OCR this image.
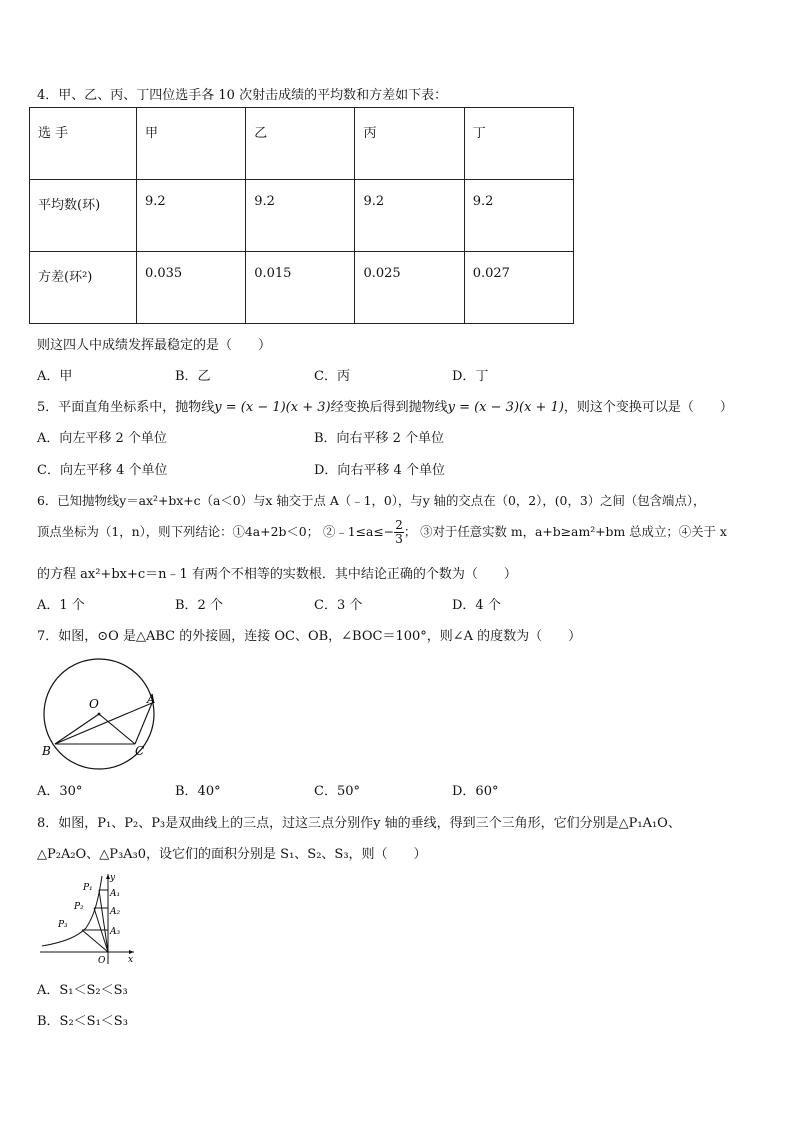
4．甲、乙、丙、丁四位选手各 10 次射击成绩的平均数和方差如下表：
选 手	甲	乙	丙	丁
平均数(环)	9.2	9.2	9.2	9.2
方差(环²)	0.035	0.015	0.025	0.027
则这四人中成绩发挥最稳定的是（　　）
A．甲	B．乙	C．丙	D．丁
5．平面直角坐标系中，抛物线y = (x − 1)(x + 3)经变换后得到抛物线y = (x − 3)(x + 1)，则这个变换可以是（　　）
A．向左平移 2 个单位	B．向右平移 2 个单位
C．向左平移 4 个单位	D．向右平移 4 个单位
6．已知抛物线y＝ax²+bx+c（a＜0）与x 轴交于点 A（﹣1，0），与y 轴的交点在（0，2），(0，3）之间（包含端点），
顶点坐标为（1，n），则下列结论：①4a+2b＜0； ②﹣1≤a≤− $\frac{2}{3}$ ； ③对于任意实数 m，a+b≥am²+bm 总成立；④关于 x
的方程 ax²+bx+c＝n﹣1 有两个不相等的实数根．其中结论正确的个数为（　　）
A．1 个	B．2 个	C．3 个	D．4 个
7．如图，⊙O 是△ABC 的外接圆，连接 OC、OB，∠BOC＝100°，则∠A 的度数为（　　）
O	A
B	C
A．30°	B．40°	C．50°	D．60°
8．如图，P₁、P₂、P₃是双曲线上的三点，过这三点分别作y 轴的垂线，得到三个三角形，它们分别是△P₁A₁O、
△P₂A₂O、△P₃A₃0，设它们的面积分别是 S₁、S₂、S₃，则（　　）
y
x
O
P₁
P₂
P₃
A₁
A₂
A₃
A．S₁＜S₂＜S₃
B．S₂＜S₁＜S₃
